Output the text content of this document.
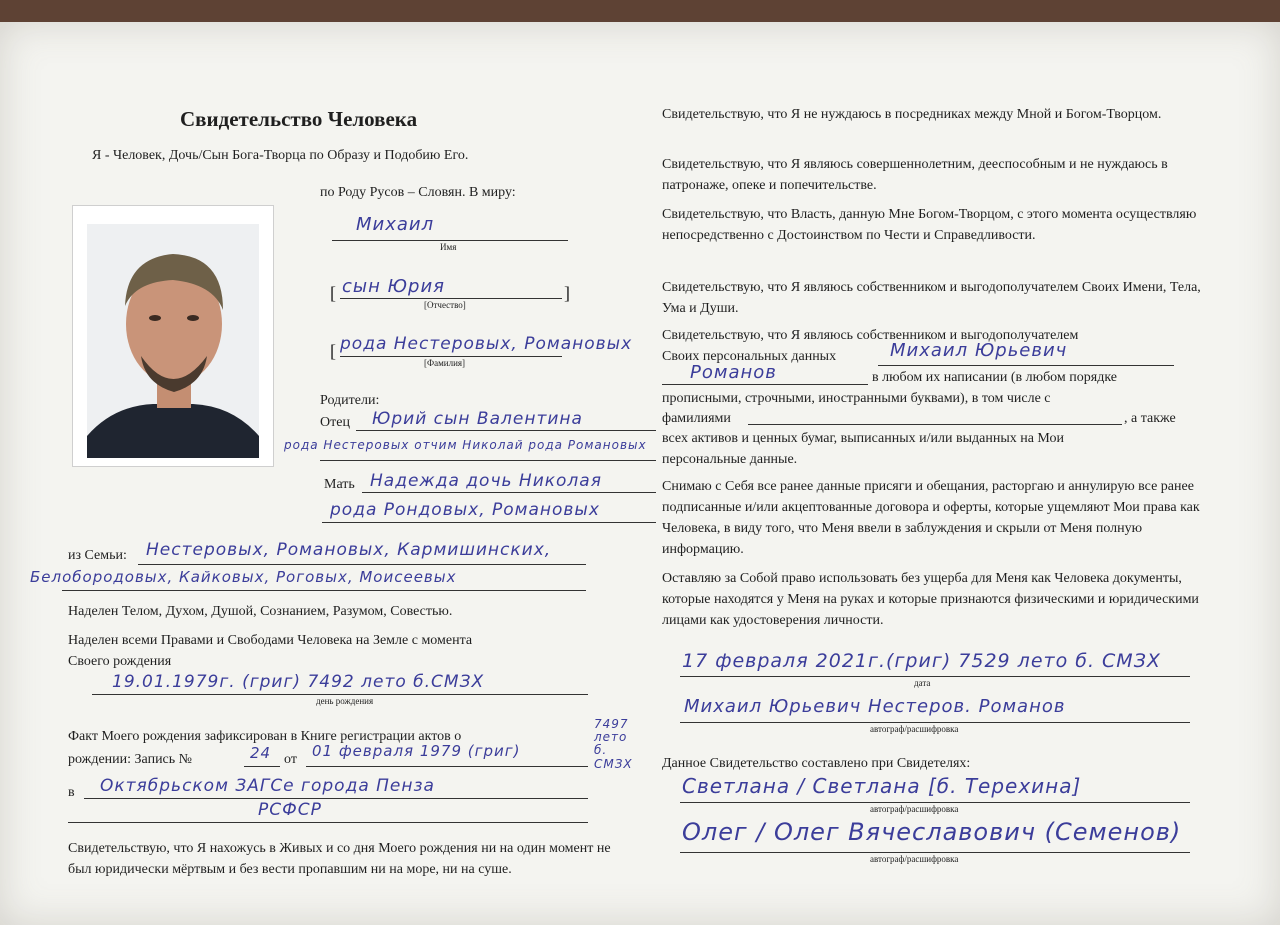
Свидетельство Человека
Я - Человек, Дочь/Сын Бога-Творца по Образу и Подобию Его.
по Роду Русов – Словян. В миру:
Михаил
Имя
[ сын Юрия	]
[Отчество]
[ рода Нестеровых, Романовых
[Фамилия]
Родители:
Отец Юрий сын Валентина
рода Нестеровых отчим Николай рода Романовых
Мать Надежда дочь Николая
рода Рондовых, Романовых
из Семьи: Нестеровых, Романовых, Кармишинских,
Белобородовых, Кайковых, Роговых, Моисеевых
Наделен Телом, Духом, Душой, Сознанием, Разумом, Совестью.
Наделен всеми Правами и Свободами Человека на Земле с момента
Своего рождения
19.01.1979г. (григ) 7492 лето б.СМЗХ
день рождения
Факт Моего рождения зафиксирован в Книге регистрации актов о
рождении: Запись №	24 от 01 февраля 1979 (григ)
7497 лето б. СМЗХ
в Октябрьском ЗАГСе города Пенза
РСФСР
Свидетельствую, что Я нахожусь в Живых и со дня Моего рождения ни на один момент не был юридически мёртвым и без вести пропавшим ни на море, ни на суше.
Свидетельствую, что Я не нуждаюсь в посредниках между Мной и Богом-Творцом.
Свидетельствую, что Я являюсь совершеннолетним, дееспособным и не нуждаюсь в патронаже, опеке и попечительстве.
Свидетельствую, что Власть, данную Мне Богом-Творцом, с этого момента осуществляю непосредственно с Достоинством по Чести и Справедливости.
Свидетельствую, что Я являюсь собственником и выгодополучателем Своих Имени, Тела, Ума и Души.
Свидетельствую, что Я являюсь собственником и выгодополучателем
Своих персональных данных	Михаил Юрьевич
Романов	в любом их написании (в любом порядке
прописными, строчными, иностранными буквами), в том числе с
фамилиями	, а также
всех активов и ценных бумаг, выписанных и/или выданных на Мои
персональные данные.
Снимаю с Себя все ранее данные присяги и обещания, расторгаю и аннулирую все ранее подписанные и/или акцептованные договора и оферты, которые ущемляют Мои права как Человека, в виду того, что Меня ввели в заблуждения и скрыли от Меня полную информацию.
Оставляю за Собой право использовать без ущерба для Меня как Человека документы, которые находятся у Меня на руках и которые признаются физическими и юридическими лицами как удостоверения личности.
17 февраля 2021г.(григ) 7529 лето б. СМЗХ
дата
Михаил Юрьевич Нестеров. Романов
автограф/расшифровка
Данное Свидетельство составлено при Свидетелях:
Светлана / Светлана [б. Терехина]
автограф/расшифровка
Олег / Олег Вячеславович (Семенов)
автограф/расшифровка
